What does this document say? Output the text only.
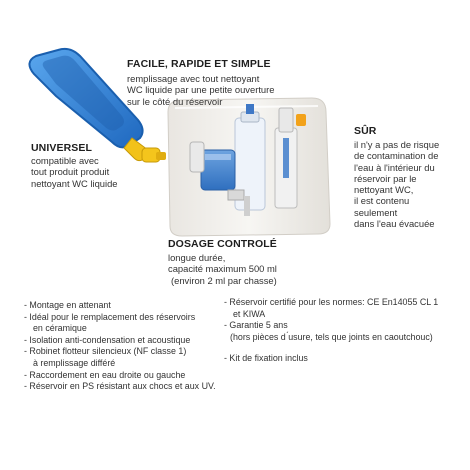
FACILE, RAPIDE ET SIMPLE
remplissage avec tout nettoyant
WC liquide par une petite ouverture
sur le côté du réservoir
UNIVERSEL
compatible avec
tout produit produit
nettoyant WC liquide
SÛR
il n'y a pas de risque
de contamination de
l'eau à l'intérieur du
réservoir par le
nettoyant WC,
il est contenu
seulement
dans l'eau évacuée
DOSAGE CONTROLÉ
longue durée,
capacité maximum 500 ml
(environ 2 ml par chasse)
- Montage en attenant
- Idéal pour le remplacement des réservoirs
en céramique
- Isolation anti-condensation et acoustique
- Robinet flotteur silencieux (NF classe 1)
à remplissage différé
- Raccordement en eau droite ou gauche
- Réservoir en PS résistant aux chocs et aux UV.
- Réservoir certifié pour les normes: CE En14055 CL 1
et KIWA
- Garantie 5 ans
(hors pièces d ́usure, tels que joints en caoutchouc)
- Kit de fixation inclus
